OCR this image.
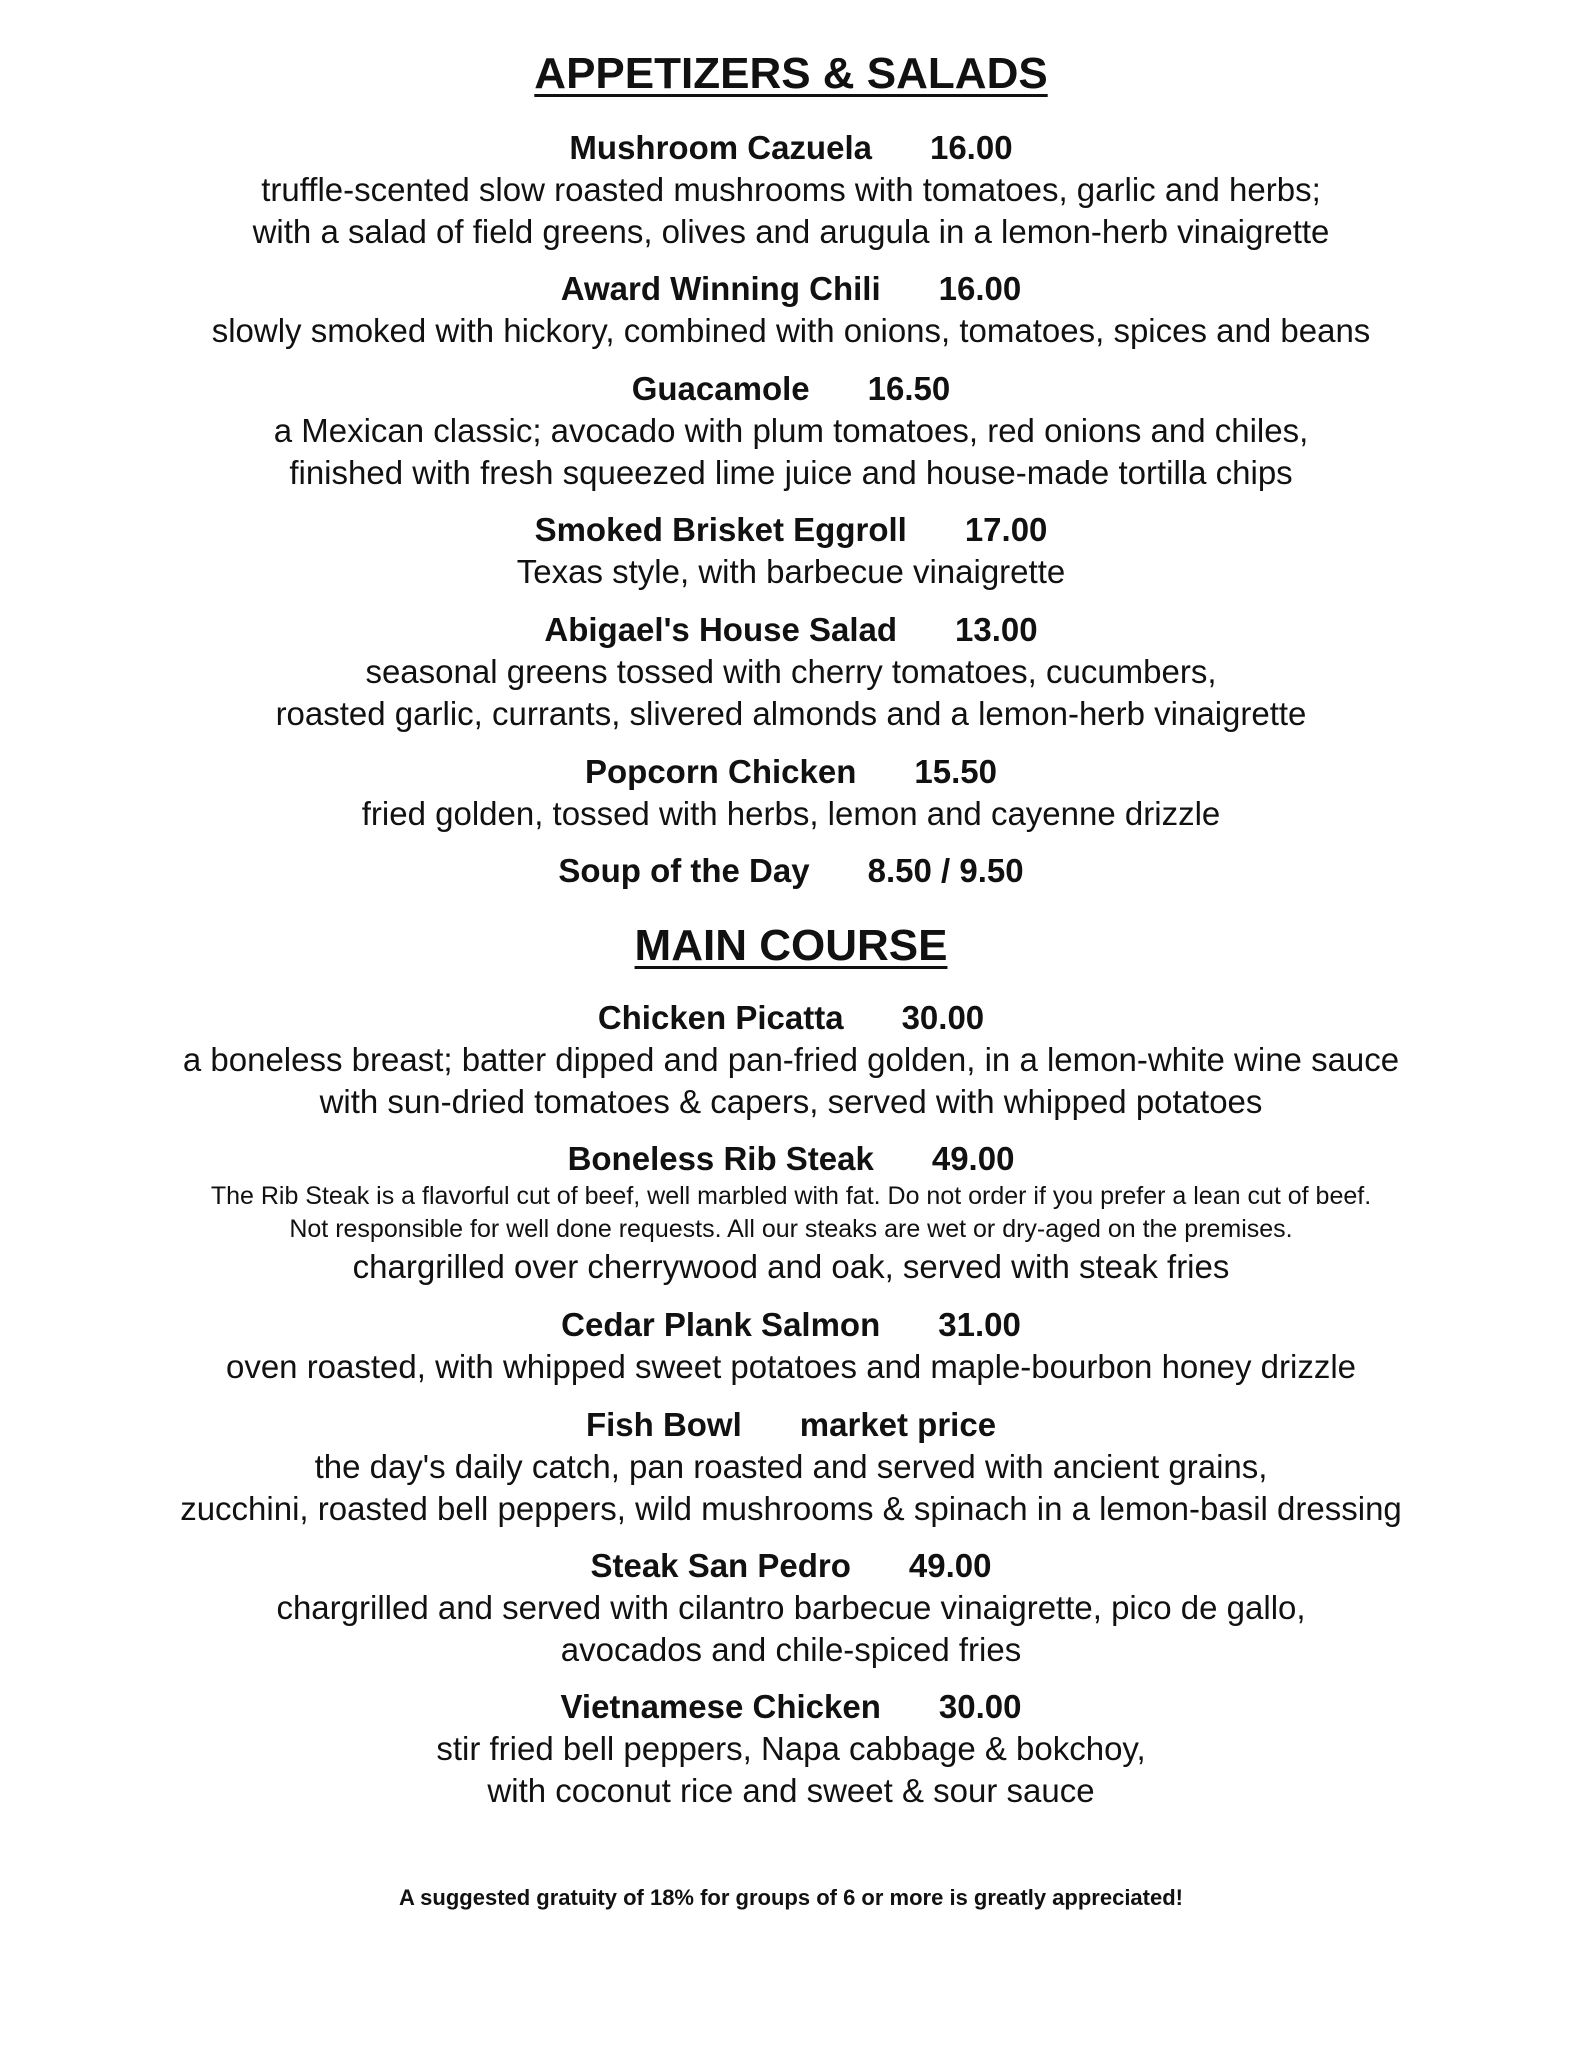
APPETIZERS & SALADS
Mushroom Cazuela 16.00
truffle-scented slow roasted mushrooms with tomatoes, garlic and herbs;
with a salad of field greens, olives and arugula in a lemon-herb vinaigrette
Award Winning Chili 16.00
slowly smoked with hickory, combined with onions, tomatoes, spices and beans
Guacamole 16.50
a Mexican classic; avocado with plum tomatoes, red onions and chiles,
finished with fresh squeezed lime juice and house-made tortilla chips
Smoked Brisket Eggroll 17.00
Texas style, with barbecue vinaigrette
Abigael's House Salad 13.00
seasonal greens tossed with cherry tomatoes, cucumbers,
roasted garlic, currants, slivered almonds and a lemon-herb vinaigrette
Popcorn Chicken 15.50
fried golden, tossed with herbs, lemon and cayenne drizzle
Soup of the Day 8.50 / 9.50
MAIN COURSE
Chicken Picatta 30.00
a boneless breast; batter dipped and pan-fried golden, in a lemon-white wine sauce
with sun-dried tomatoes & capers, served with whipped potatoes
Boneless Rib Steak 49.00
The Rib Steak is a flavorful cut of beef, well marbled with fat. Do not order if you prefer a lean cut of beef.
Not responsible for well done requests. All our steaks are wet or dry-aged on the premises.
chargrilled over cherrywood and oak, served with steak fries
Cedar Plank Salmon 31.00
oven roasted, with whipped sweet potatoes and maple-bourbon honey drizzle
Fish Bowl market price
the day's daily catch, pan roasted and served with ancient grains,
zucchini, roasted bell peppers, wild mushrooms & spinach in a lemon-basil dressing
Steak San Pedro 49.00
chargrilled and served with cilantro barbecue vinaigrette, pico de gallo,
avocados and chile-spiced fries
Vietnamese Chicken 30.00
stir fried bell peppers, Napa cabbage & bokchoy,
with coconut rice and sweet & sour sauce
A suggested gratuity of 18% for groups of 6 or more is greatly appreciated!
